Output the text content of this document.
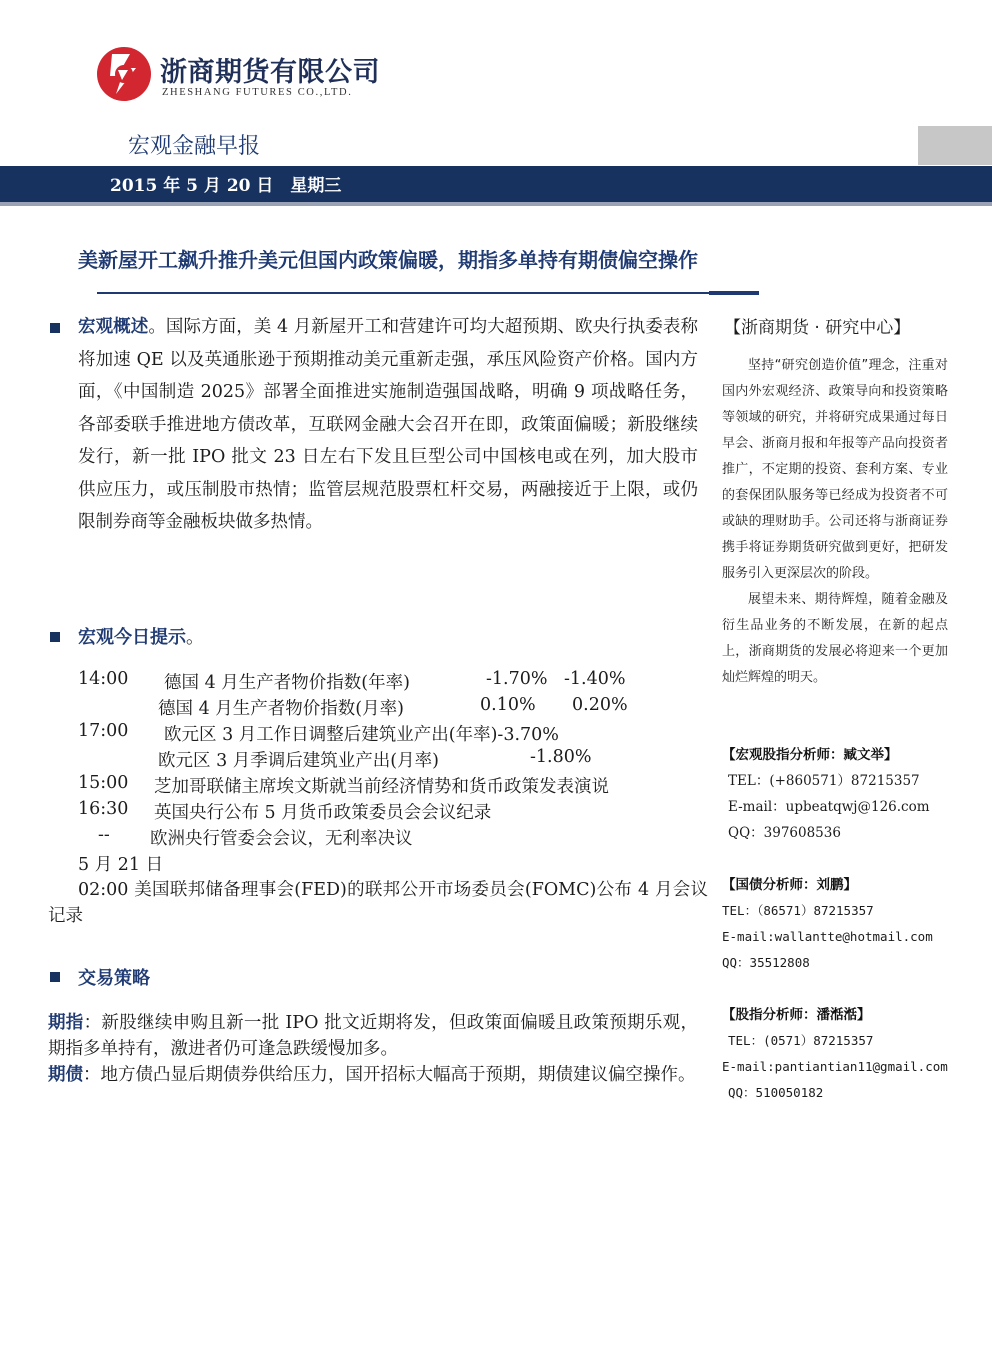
浙商期货有限公司
ZHESHANG FUTURES CO.,LTD.
宏观金融早报
2015 年 5 月 20 日　星期三
美新屋开工飙升推升美元但国内政策偏暖，期指多单持有期债偏空操作
宏观概述。国际方面，美 4 月新屋开工和营建许可均大超预期、欧央行执委表称将加速 QE 以及英通胀逊于预期推动美元重新走强，承压风险资产价格。国内方面，《中国制造 2025》部署全面推进实施制造强国战略，明确 9 项战略任务，各部委联手推进地方债改革，互联网金融大会召开在即，政策面偏暖；新股继续发行，新一批 IPO 批文 23 日左右下发且巨型公司中国核电或在列，加大股市供应压力，或压制股市热情；监管层规范股票杠杆交易，两融接近于上限，或仍限制券商等金融板块做多热情。
宏观今日提示。
14:00 德国 4 月生产者物价指数(年率)	-1.70% -1.40%
德国 4 月生产者物价指数(月率)	0.10% 0.20%
17:00 欧元区 3 月工作日调整后建筑业产出(年率)-3.70%
欧元区 3 月季调后建筑业产出(月率)	-1.80%
15:00 芝加哥联储主席埃文斯就当前经济情势和货币政策发表演说
16:30 英国央行公布 5 月货币政策委员会会议纪录
-- 欧洲央行管委会会议，无利率决议
5 月 21 日
02:00 美国联邦储备理事会(FED)的联邦公开市场委员会(FOMC)公布 4 月会议记录
交易策略

期指：新股继续申购且新一批 IPO 批文近期将发，但政策面偏暖且政策预期乐观，期指多单持有，激进者仍可逢急跌缓慢加多。

期债：地方债凸显后期债券供给压力，国开招标大幅高于预期，期债建议偏空操作。

【浙商期货 · 研究中心】

坚持“研究创造价值”理念，注重对国内外宏观经济、政策导向和投资策略等领域的研究，并将研究成果通过每日早会、浙商月报和年报等产品向投资者推广，不定期的投资、套利方案、专业的套保团队服务等已经成为投资者不可或缺的理财助手。公司还将与浙商证券携手将证券期货研究做到更好，把研发服务引入更深层次的阶段。

展望未来、期待辉煌，随着金融及衍生品业务的不断发展，在新的起点上，浙商期货的发展必将迎来一个更加灿烂辉煌的明天。

【宏观股指分析师：臧文举】
TEL：(+860571）87215357
E-mail：upbeatqwj@126.com
QQ：397608536
【国债分析师：刘鹏】
TEL：（86571）87215357
E-mail:wallantte@hotmail.com
QQ：35512808
【股指分析师：潘湉湉】
TEL：(0571）87215357
E-mail:pantiantian11@gmail.com
QQ：510050182
